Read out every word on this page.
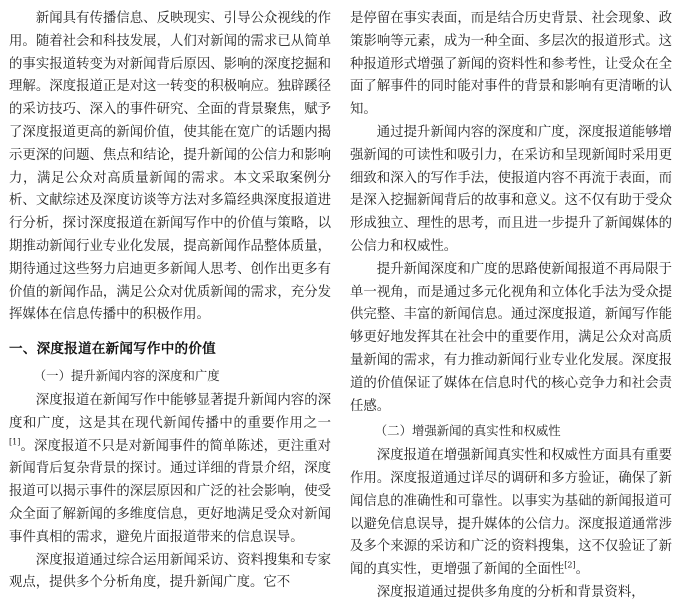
新闻具有传播信息、反映现实、引导公众视线的作用。随着社会和科技发展，人们对新闻的需求已从简单的事实报道转变为对新闻背后原因、影响的深度挖掘和理解。深度报道正是对这一转变的积极响应。独辟蹊径的采访技巧、深入的事件研究、全面的背景聚焦，赋予了深度报道更高的新闻价值，使其能在宽广的话题内揭示更深的问题、焦点和结论，提升新闻的公信力和影响力，满足公众对高质量新闻的需求。本文采取案例分析、文献综述及深度访谈等方法对多篇经典深度报道进行分析，探讨深度报道在新闻写作中的价值与策略，以期推动新闻行业专业化发展，提高新闻作品整体质量，期待通过这些努力启迪更多新闻人思考、创作出更多有价值的新闻作品，满足公众对优质新闻的需求，充分发挥媒体在信息传播中的积极作用。

一、深度报道在新闻写作中的价值
（一）提升新闻内容的深度和广度

深度报道在新闻写作中能够显著提升新闻内容的深度和广度，这是其在现代新闻传播中的重要作用之一[1]。深度报道不只是对新闻事件的简单陈述，更注重对新闻背后复杂背景的探讨。通过详细的背景介绍，深度报道可以揭示事件的深层原因和广泛的社会影响，使受众全面了解新闻的多维度信息，更好地满足受众对新闻事件真相的需求，避免片面报道带来的信息误导。

深度报道通过综合运用新闻采访、资料搜集和专家观点，提供多个分析角度，提升新闻广度。它不

是停留在事实表面，而是结合历史背景、社会现象、政策影响等元素，成为一种全面、多层次的报道形式。这种报道形式增强了新闻的资料性和参考性，让受众在全面了解事件的同时能对事件的背景和影响有更清晰的认知。

通过提升新闻内容的深度和广度，深度报道能够增强新闻的可读性和吸引力，在采访和呈现新闻时采用更细致和深入的写作手法，使报道内容不再流于表面，而是深入挖掘新闻背后的故事和意义。这不仅有助于受众形成独立、理性的思考，而且进一步提升了新闻媒体的公信力和权威性。

提升新闻深度和广度的思路使新闻报道不再局限于单一视角，而是通过多元化视角和立体化手法为受众提供完整、丰富的新闻信息。通过深度报道，新闻写作能够更好地发挥其在社会中的重要作用，满足公众对高质量新闻的需求，有力推动新闻行业专业化发展。深度报道的价值保证了媒体在信息时代的核心竞争力和社会责任感。

（二）增强新闻的真实性和权威性

深度报道在增强新闻真实性和权威性方面具有重要作用。深度报道通过详尽的调研和多方验证，确保了新闻信息的准确性和可靠性。以事实为基础的新闻报道可以避免信息误导，提升媒体的公信力。深度报道通常涉及多个来源的采访和广泛的资料搜集，这不仅验证了新闻的真实性，更增强了新闻的全面性[2]。

深度报道通过提供多角度的分析和背景资料，
